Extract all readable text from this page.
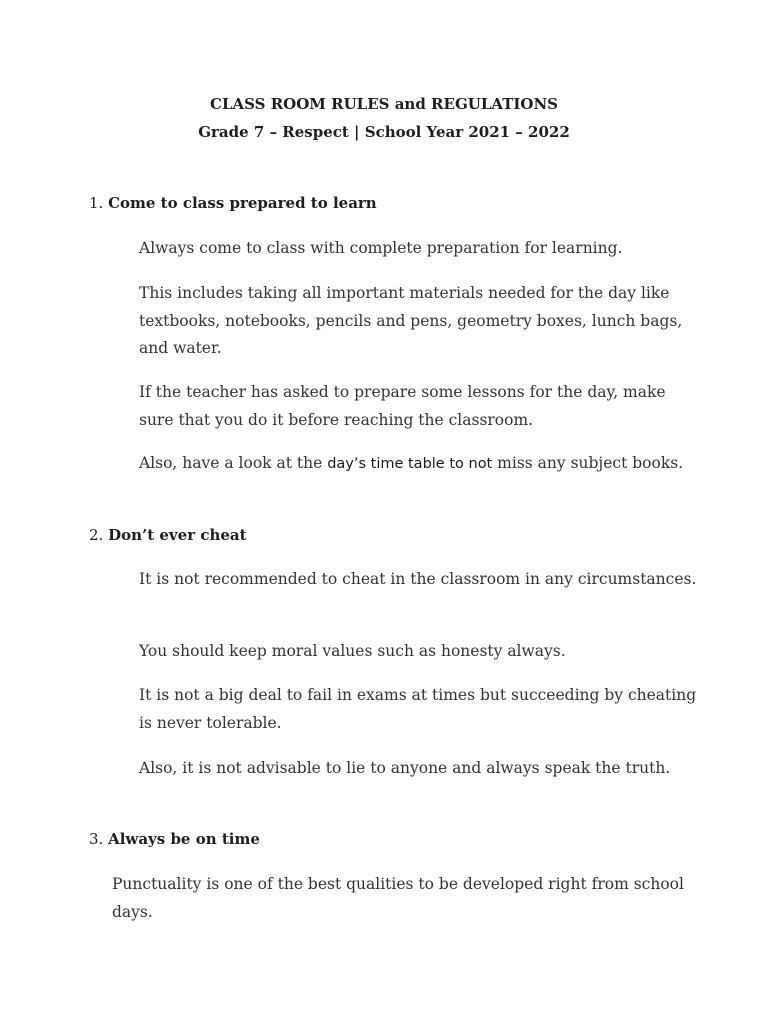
CLASS ROOM RULES and REGULATIONS
Grade 7 – Respect | School Year 2021 – 2022
1. Come to class prepared to learn
Always come to class with complete preparation for learning.
This includes taking all important materials needed for the day like textbooks, notebooks, pencils and pens, geometry boxes, lunch bags, and water.
If the teacher has asked to prepare some lessons for the day, make sure that you do it before reaching the classroom.
Also, have a look at the day’s time table to not miss any subject books.
2. Don’t ever cheat
It is not recommended to cheat in the classroom in any circumstances.
You should keep moral values such as honesty always.
It is not a big deal to fail in exams at times but succeeding by cheating is never tolerable.
Also, it is not advisable to lie to anyone and always speak the truth.
3. Always be on time
Punctuality is one of the best qualities to be developed right from school days.
